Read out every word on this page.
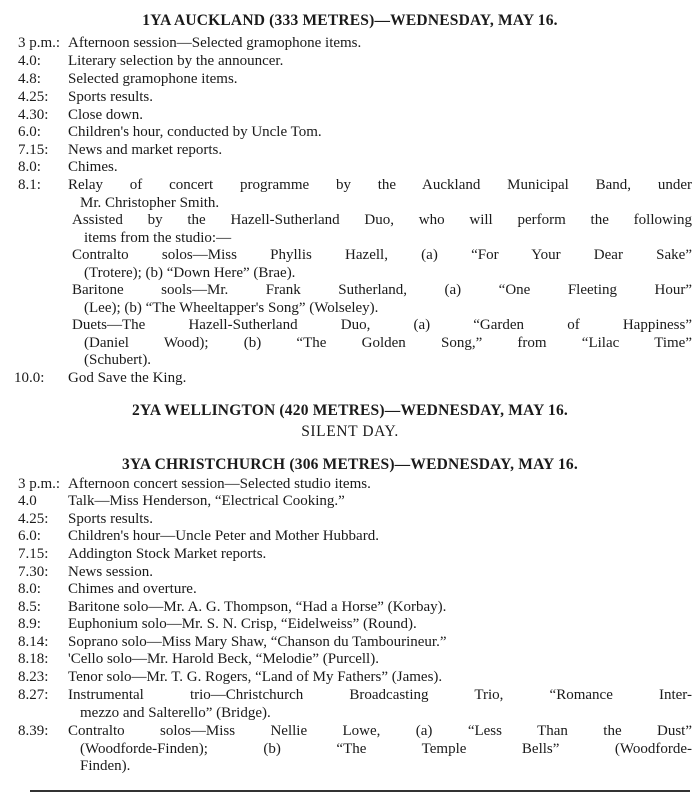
1YA AUCKLAND (333 METRES)—WEDNESDAY, MAY 16.
3 p.m.: Afternoon session—Selected gramophone items.
4.0:	Literary selection by the announcer.
4.8:	Selected gramophone items.
4.25:	Sports results.
4.30:	Close down.
6.0:	Children's hour, conducted by Uncle Tom.
7.15:	News and market reports.
8.0:	Chimes.
8.1:	Relay of concert programme by the Auckland Municipal Band, under
Mr. Christopher Smith.
Assisted by the Hazell-Sutherland Duo, who will perform the following
items from the studio:—
Contralto solos—Miss Phyllis Hazell, (a) “For Your Dear Sake”
(Trotere); (b) “Down Here” (Brae).
Baritone sools—Mr. Frank Sutherland, (a) “One Fleeting Hour”
(Lee); (b) “The Wheeltapper's Song” (Wolseley).
Duets—The Hazell-Sutherland Duo, (a) “Garden of Happiness”
(Daniel Wood); (b) “The Golden Song,” from “Lilac Time”
(Schubert).
10.0:	God Save the King.
2YA WELLINGTON (420 METRES)—WEDNESDAY, MAY 16.
SILENT DAY.
3YA CHRISTCHURCH (306 METRES)—WEDNESDAY, MAY 16.
3 p.m.: Afternoon concert session—Selected studio items.
4.0	Talk—Miss Henderson, “Electrical Cooking.”
4.25:	Sports results.
6.0:	Children's hour—Uncle Peter and Mother Hubbard.
7.15:	Addington Stock Market reports.
7.30:	News session.
8.0:	Chimes and overture.
8.5:	Baritone solo—Mr. A. G. Thompson, “Had a Horse” (Korbay).
8.9:	Euphonium solo—Mr. S. N. Crisp, “Eidelweiss” (Round).
8.14:	Soprano solo—Miss Mary Shaw, “Chanson du Tambourineur.”
8.18:	'Cello solo—Mr. Harold Beck, “Melodie” (Purcell).
8.23:	Tenor solo—Mr. T. G. Rogers, “Land of My Fathers” (James).
8.27:	Instrumental trio—Christchurch Broadcasting Trio, “Romance Inter-
mezzo and Salterello” (Bridge).
8.39:	Contralto solos—Miss Nellie Lowe, (a) “Less Than the Dust”
(Woodforde-Finden); (b) “The Temple Bells” (Woodforde-
Finden).
